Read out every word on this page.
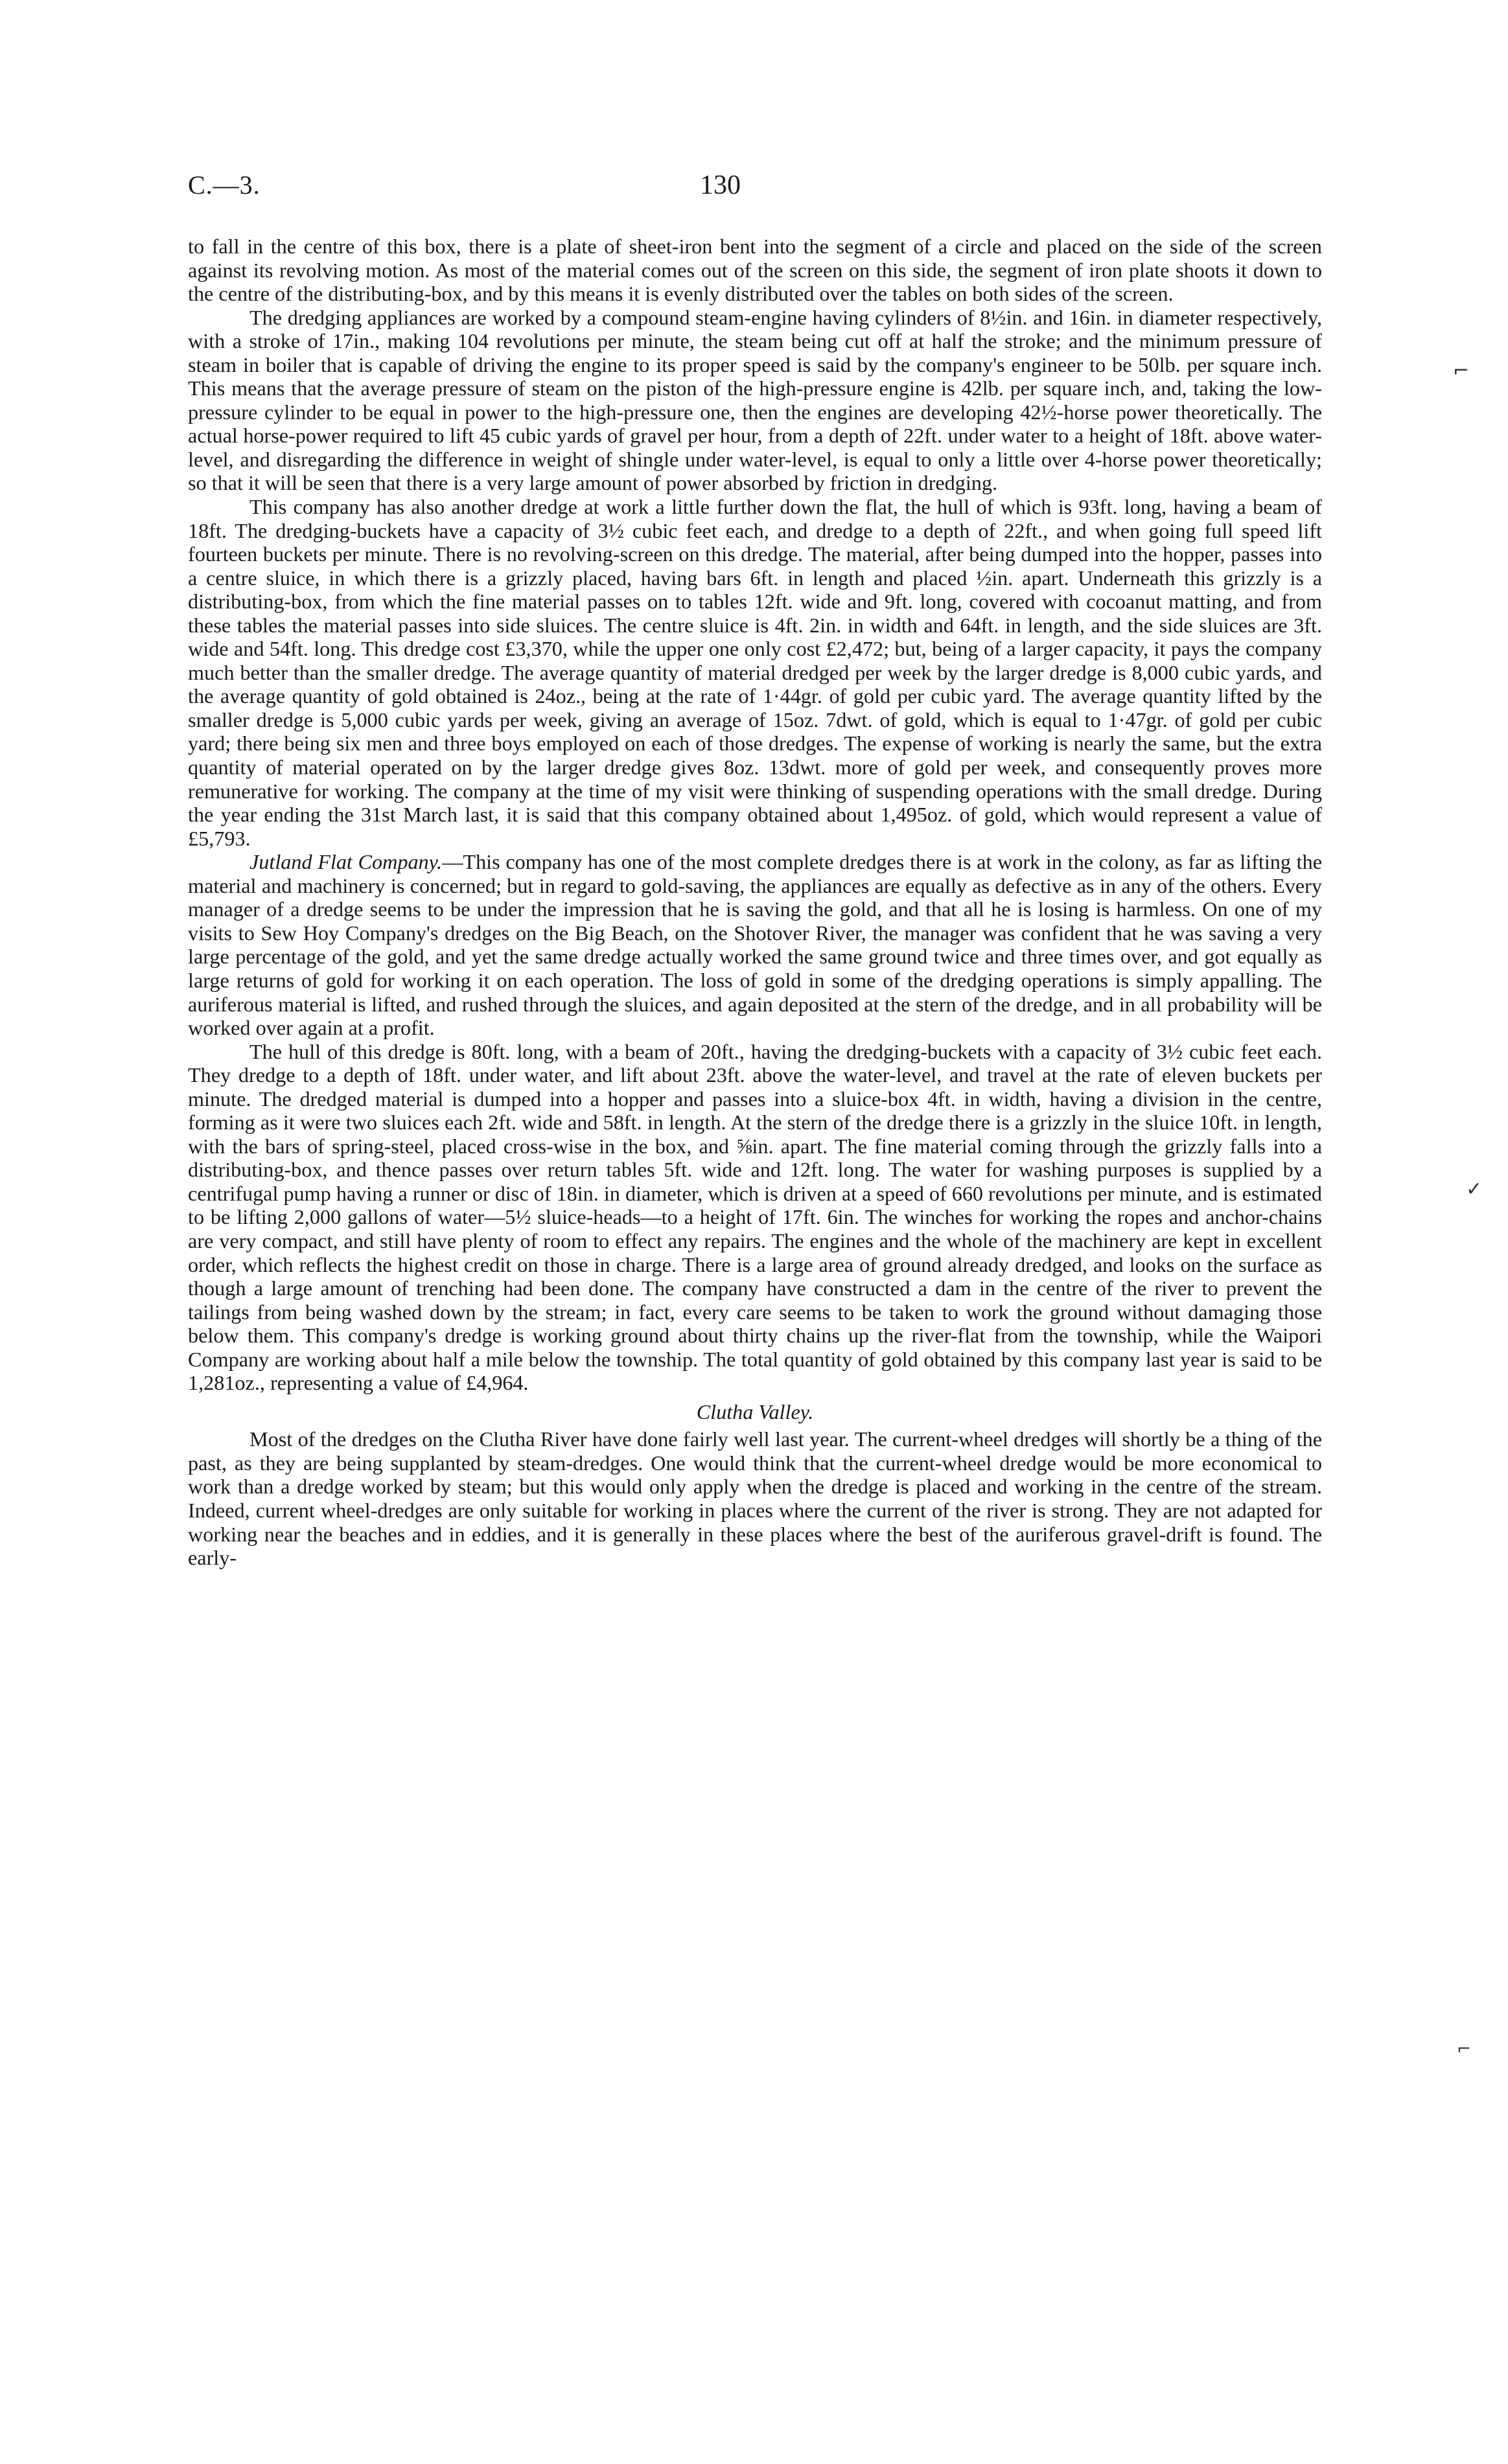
C.—3.	130

to fall in the centre of this box, there is a plate of sheet-iron bent into the segment of a circle and placed on the side of the screen against its revolving motion. As most of the material comes out of the screen on this side, the segment of iron plate shoots it down to the centre of the distributing-box, and by this means it is evenly distributed over the tables on both sides of the screen.

The dredging appliances are worked by a compound steam-engine having cylinders of 8½in. and 16in. in diameter respectively, with a stroke of 17in., making 104 revolutions per minute, the steam being cut off at half the stroke; and the minimum pressure of steam in boiler that is capable of driving the engine to its proper speed is said by the company's engineer to be 50lb. per square inch. This means that the average pressure of steam on the piston of the high-pressure engine is 42lb. per square inch, and, taking the low-pressure cylinder to be equal in power to the high-pressure one, then the engines are developing 42½-horse power theoretically. The actual horse-power required to lift 45 cubic yards of gravel per hour, from a depth of 22ft. under water to a height of 18ft. above water-level, and disregarding the difference in weight of shingle under water-level, is equal to only a little over 4-horse power theoretically; so that it will be seen that there is a very large amount of power absorbed by friction in dredging.

This company has also another dredge at work a little further down the flat, the hull of which is 93ft. long, having a beam of 18ft. The dredging-buckets have a capacity of 3½ cubic feet each, and dredge to a depth of 22ft., and when going full speed lift fourteen buckets per minute. There is no revolving-screen on this dredge. The material, after being dumped into the hopper, passes into a centre sluice, in which there is a grizzly placed, having bars 6ft. in length and placed ½in. apart. Underneath this grizzly is a distributing-box, from which the fine material passes on to tables 12ft. wide and 9ft. long, covered with cocoanut matting, and from these tables the material passes into side sluices. The centre sluice is 4ft. 2in. in width and 64ft. in length, and the side sluices are 3ft. wide and 54ft. long. This dredge cost £3,370, while the upper one only cost £2,472; but, being of a larger capacity, it pays the company much better than the smaller dredge. The average quantity of material dredged per week by the larger dredge is 8,000 cubic yards, and the average quantity of gold obtained is 24oz., being at the rate of 1·44gr. of gold per cubic yard. The average quantity lifted by the smaller dredge is 5,000 cubic yards per week, giving an average of 15oz. 7dwt. of gold, which is equal to 1·47gr. of gold per cubic yard; there being six men and three boys employed on each of those dredges. The expense of working is nearly the same, but the extra quantity of material operated on by the larger dredge gives 8oz. 13dwt. more of gold per week, and consequently proves more remunerative for working. The company at the time of my visit were thinking of suspending operations with the small dredge. During the year ending the 31st March last, it is said that this company obtained about 1,495oz. of gold, which would represent a value of £5,793.

Jutland Flat Company.—This company has one of the most complete dredges there is at work in the colony, as far as lifting the material and machinery is concerned; but in regard to gold-saving, the appliances are equally as defective as in any of the others. Every manager of a dredge seems to be under the impression that he is saving the gold, and that all he is losing is harmless. On one of my visits to Sew Hoy Company's dredges on the Big Beach, on the Shotover River, the manager was confident that he was saving a very large percentage of the gold, and yet the same dredge actually worked the same ground twice and three times over, and got equally as large returns of gold for working it on each operation. The loss of gold in some of the dredging operations is simply appalling. The auriferous material is lifted, and rushed through the sluices, and again deposited at the stern of the dredge, and in all probability will be worked over again at a profit.

The hull of this dredge is 80ft. long, with a beam of 20ft., having the dredging-buckets with a capacity of 3½ cubic feet each. They dredge to a depth of 18ft. under water, and lift about 23ft. above the water-level, and travel at the rate of eleven buckets per minute. The dredged material is dumped into a hopper and passes into a sluice-box 4ft. in width, having a division in the centre, forming as it were two sluices each 2ft. wide and 58ft. in length. At the stern of the dredge there is a grizzly in the sluice 10ft. in length, with the bars of spring-steel, placed cross-wise in the box, and ⅝in. apart. The fine material coming through the grizzly falls into a distributing-box, and thence passes over return tables 5ft. wide and 12ft. long. The water for washing purposes is supplied by a centrifugal pump having a runner or disc of 18in. in diameter, which is driven at a speed of 660 revolutions per minute, and is estimated to be lifting 2,000 gallons of water—5½ sluice-heads—to a height of 17ft. 6in. The winches for working the ropes and anchor-chains are very compact, and still have plenty of room to effect any repairs. The engines and the whole of the machinery are kept in excellent order, which reflects the highest credit on those in charge. There is a large area of ground already dredged, and looks on the surface as though a large amount of trenching had been done. The company have constructed a dam in the centre of the river to prevent the tailings from being washed down by the stream; in fact, every care seems to be taken to work the ground without damaging those below them. This company's dredge is working ground about thirty chains up the river-flat from the township, while the Waipori Company are working about half a mile below the township. The total quantity of gold obtained by this company last year is said to be 1,281oz., representing a value of £4,964.

Clutha Valley.

Most of the dredges on the Clutha River have done fairly well last year. The current-wheel dredges will shortly be a thing of the past, as they are being supplanted by steam-dredges. One would think that the current-wheel dredge would be more economical to work than a dredge worked by steam; but this would only apply when the dredge is placed and working in the centre of the stream. Indeed, current wheel-dredges are only suitable for working in places where the current of the river is strong. They are not adapted for working near the beaches and in eddies, and it is generally in these places where the best of the auriferous gravel-drift is found. The early-

⌐
✓
⌐
